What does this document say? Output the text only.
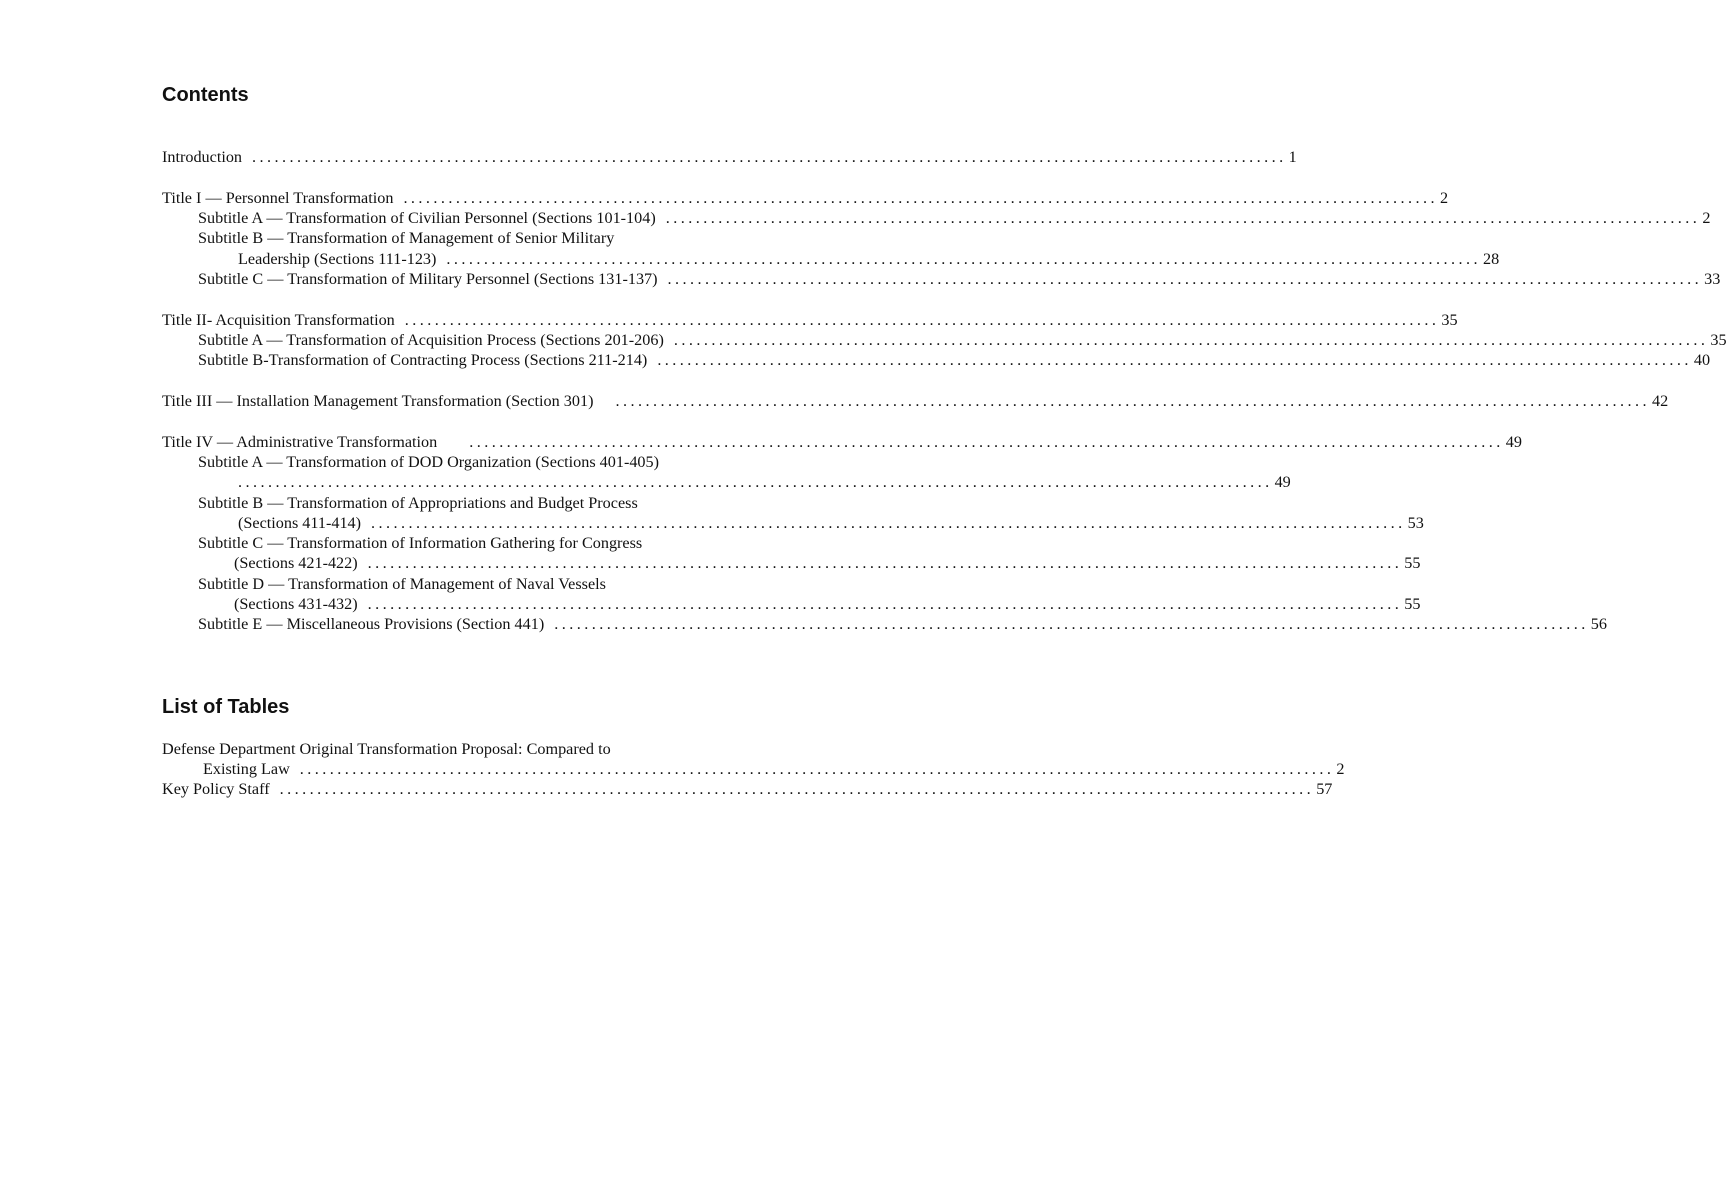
Contents
Introduction .......................................................................................................................................... 1
Title I — Personnel Transformation .......................................................................................................................................... 2
Subtitle A — Transformation of Civilian Personnel (Sections 101-104) .......................................................................................................................................... 2
Subtitle B — Transformation of Management of Senior Military
Leadership (Sections 111-123) .......................................................................................................................................... 28
Subtitle C — Transformation of Military Personnel (Sections 131-137) .......................................................................................................................................... 33
Title II- Acquisition Transformation .......................................................................................................................................... 35
Subtitle A — Transformation of Acquisition Process (Sections 201-206) .......................................................................................................................................... 35
Subtitle B-Transformation of Contracting Process (Sections 211-214) .......................................................................................................................................... 40
Title III — Installation Management Transformation (Section 301)	.......................................................................................................................................... 42
Title IV — Administrative Transformation	.......................................................................................................................................... 49
Subtitle A — Transformation of DOD Organization (Sections 401-405)
.......................................................................................................................................... 49
Subtitle B — Transformation of Appropriations and Budget Process
(Sections 411-414) .......................................................................................................................................... 53
Subtitle C — Transformation of Information Gathering for Congress
(Sections 421-422) .......................................................................................................................................... 55
Subtitle D — Transformation of Management of Naval Vessels
(Sections 431-432) .......................................................................................................................................... 55
Subtitle E — Miscellaneous Provisions (Section 441) .......................................................................................................................................... 56
List of Tables
Defense Department Original Transformation Proposal: Compared to
Existing Law .......................................................................................................................................... 2
Key Policy Staff .......................................................................................................................................... 57
